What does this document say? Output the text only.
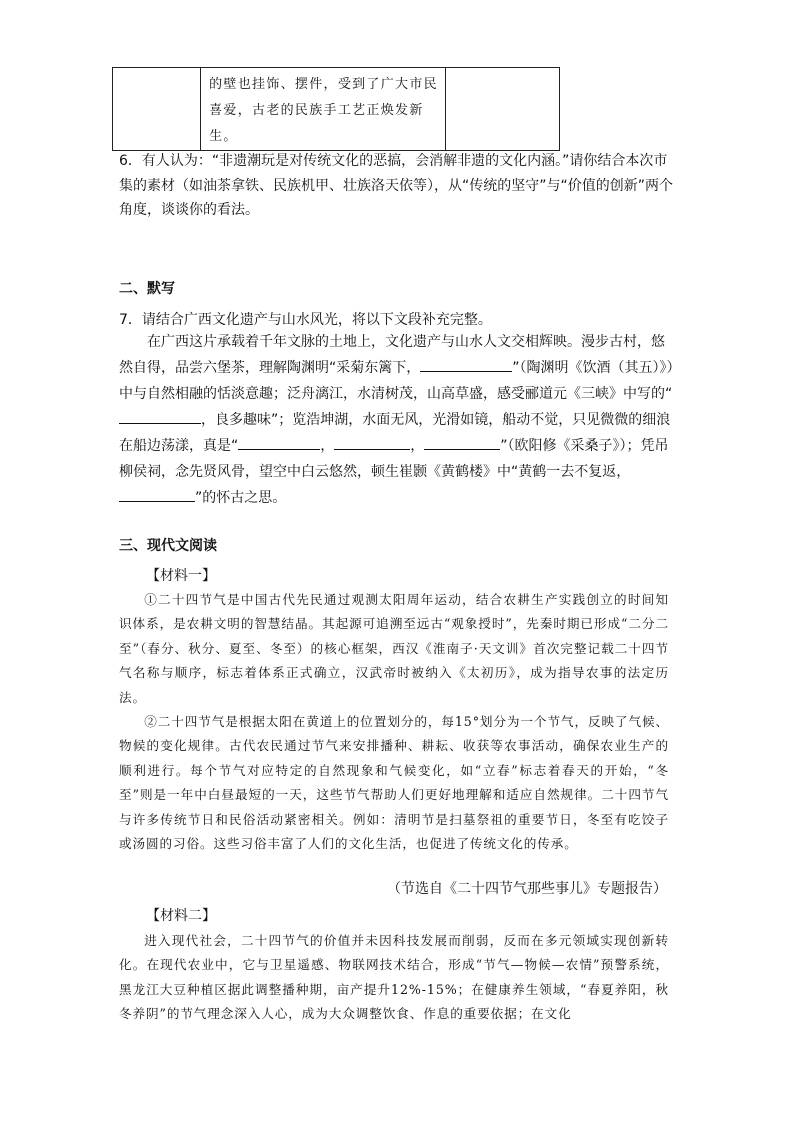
的壁也挂饰、摆件，受到了广大市民喜爱，古老的民族手工艺正焕发新生。

6．有人认为：“非遗潮玩是对传统文化的恶搞，会消解非遗的文化内涵。”请你结合本次市集的素材（如油茶拿铁、民族机甲、壮族洛天依等），从“传统的坚守”与“价值的创新”两个角度，谈谈你的看法。
二、默写
7．请结合广西文化遗产与山水风光，将以下文段补充完整。
在广西这片承载着千年文脉的土地上，文化遗产与山水人文交相辉映。漫步古村，悠然自得，品尝六堡茶，理解陶渊明“采菊东篱下，	”（陶渊明《饮酒（其五）》）中与自然相融的恬淡意趣；泛舟漓江，水清树茂，山高草盛，感受郦道元《三峡》中写的“，良多趣味”；览浩坤湖，水面无风，光滑如镜，船动不觉，只见微微的细浪在船边荡漾，真是“	，	，	”（欧阳修《采桑子》）；凭吊柳侯祠，念先贤风骨，望空中白云悠然，顿生崔颢《黄鹤楼》中“黄鹤一去不复返，”的怀古之思。
三、现代文阅读
【材料一】

①二十四节气是中国古代先民通过观测太阳周年运动，结合农耕生产实践创立的时间知识体系，是农耕文明的智慧结晶。其起源可追溯至远古“观象授时”，先秦时期已形成“二分二至”（春分、秋分、夏至、冬至）的核心框架，西汉《淮南子·天文训》首次完整记载二十四节气名称与顺序，标志着体系正式确立，汉武帝时被纳入《太初历》，成为指导农事的法定历法。

②二十四节气是根据太阳在黄道上的位置划分的，每15°划分为一个节气，反映了气候、物候的变化规律。古代农民通过节气来安排播种、耕耘、收获等农事活动，确保农业生产的顺利进行。每个节气对应特定的自然现象和气候变化，如“立春”标志着春天的开始，“冬至”则是一年中白昼最短的一天，这些节气帮助人们更好地理解和适应自然规律。二十四节气与许多传统节日和民俗活动紧密相关。例如：清明节是扫墓祭祖的重要节日，冬至有吃饺子或汤圆的习俗。这些习俗丰富了人们的文化生活，也促进了传统文化的传承。

（节选自《二十四节气那些事儿》专题报告）
【材料二】

进入现代社会，二十四节气的价值并未因科技发展而削弱，反而在多元领域实现创新转化。在现代农业中，它与卫星遥感、物联网技术结合，形成“节气—物候—农情”预警系统，黑龙江大豆种植区据此调整播种期，亩产提升12%-15%；在健康养生领域，“春夏养阳，秋冬养阴”的节气理念深入人心，成为大众调整饮食、作息的重要依据；在文化
